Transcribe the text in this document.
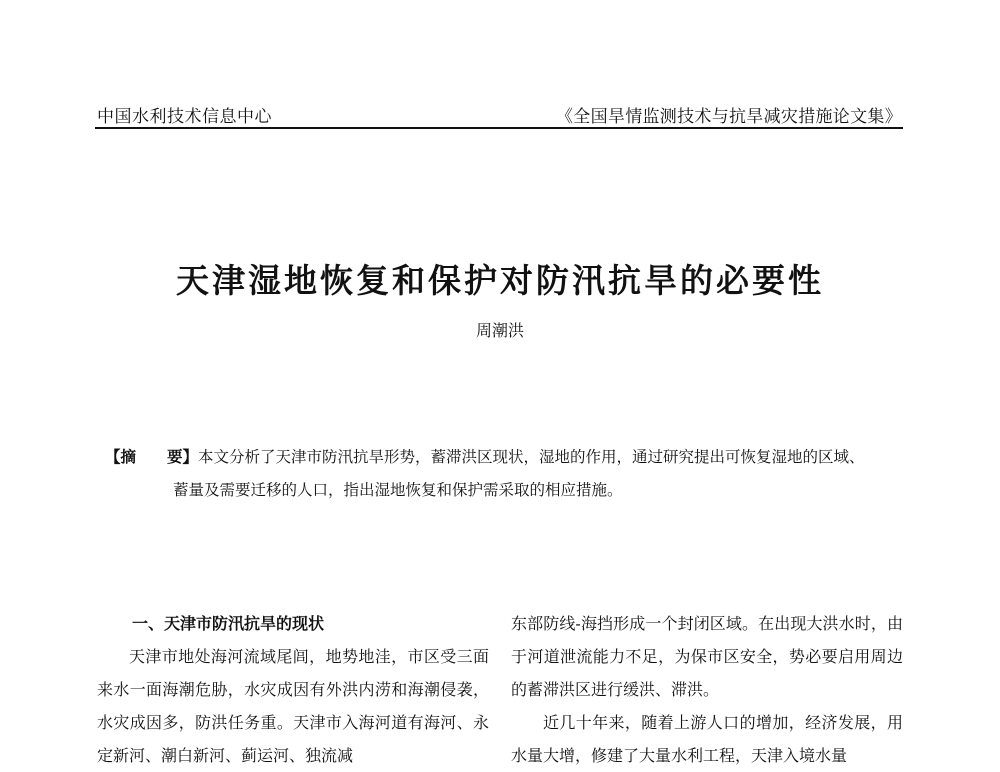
中国水利技术信息中心	《全国旱情监测技术与抗旱减灾措施论文集》
天津湿地恢复和保护对防汛抗旱的必要性
周潮洪
【摘　　要】本文分析了天津市防汛抗旱形势，蓄滞洪区现状，湿地的作用，通过研究提出可恢复湿地的区域、
蓄量及需要迁移的人口，指出湿地恢复和保护需采取的相应措施。

一、天津市防汛抗旱的现状

天津市地处海河流域尾闾，地势地洼，市区受三面来水一面海潮危胁，水灾成因有外洪内涝和海潮侵袭，水灾成因多，防洪任务重。天津市入海河道有海河、永定新河、潮白新河、蓟运河、独流减

东部防线-海挡形成一个封闭区域。在出现大洪水时，由于河道泄流能力不足，为保市区安全，势必要启用周边的蓄滞洪区进行缓洪、滞洪。

近几十年来，随着上游人口的增加，经济发展，用水量大增，修建了大量水利工程，天津入境水量
